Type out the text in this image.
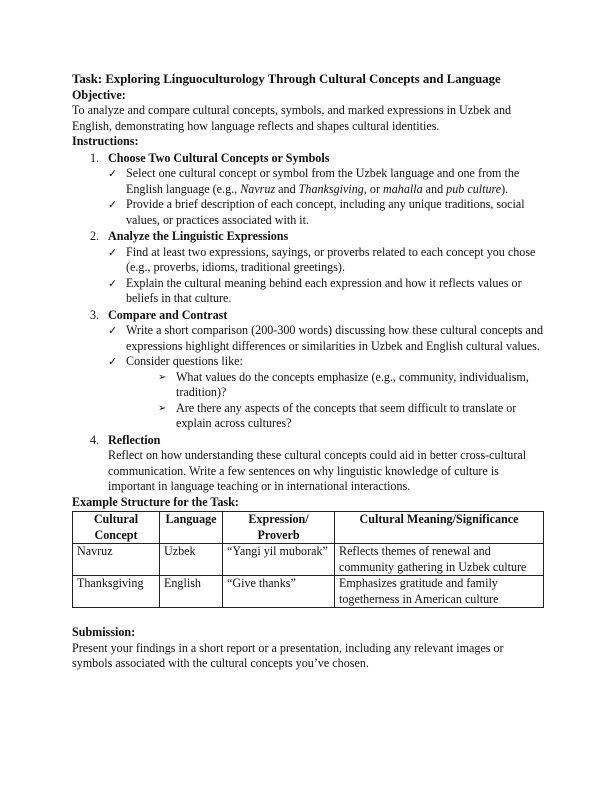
Task: Exploring Linguoculturology Through Cultural Concepts and Language

Objective:

To analyze and compare cultural concepts, symbols, and marked expressions in Uzbek and English, demonstrating how language reflects and shapes cultural identities.

Instructions:

1. Choose Two Cultural Concepts or Symbols
✓ Select one cultural concept or symbol from the Uzbek language and one from the English language (e.g., Navruz and Thanksgiving, or mahalla and pub culture).
✓ Provide a brief description of each concept, including any unique traditions, social values, or practices associated with it.
2. Analyze the Linguistic Expressions
✓ Find at least two expressions, sayings, or proverbs related to each concept you chose (e.g., proverbs, idioms, traditional greetings).
✓ Explain the cultural meaning behind each expression and how it reflects values or beliefs in that culture.
3. Compare and Contrast
✓ Write a short comparison (200-300 words) discussing how these cultural concepts and expressions highlight differences or similarities in Uzbek and English cultural values.
✓ Consider questions like:
➢ What values do the concepts emphasize (e.g., community, individualism, tradition)?
➢ Are there any aspects of the concepts that seem difficult to translate or explain across cultures?
4. Reflection
Reflect on how understanding these cultural concepts could aid in better cross-cultural communication. Write a few sentences on why linguistic knowledge of culture is important in language teaching or in international interactions.

Example Structure for the Task:

Cultural Concept	Language	Expression/ Proverb	Cultural Meaning/Significance
Navruz	Uzbek	“Yangi yil muborak”	Reflects themes of renewal and community gathering in Uzbek culture
Thanksgiving	English	“Give thanks”	Emphasizes gratitude and family togetherness in American culture

Submission:

Present your findings in a short report or a presentation, including any relevant images or symbols associated with the cultural concepts you’ve chosen.
